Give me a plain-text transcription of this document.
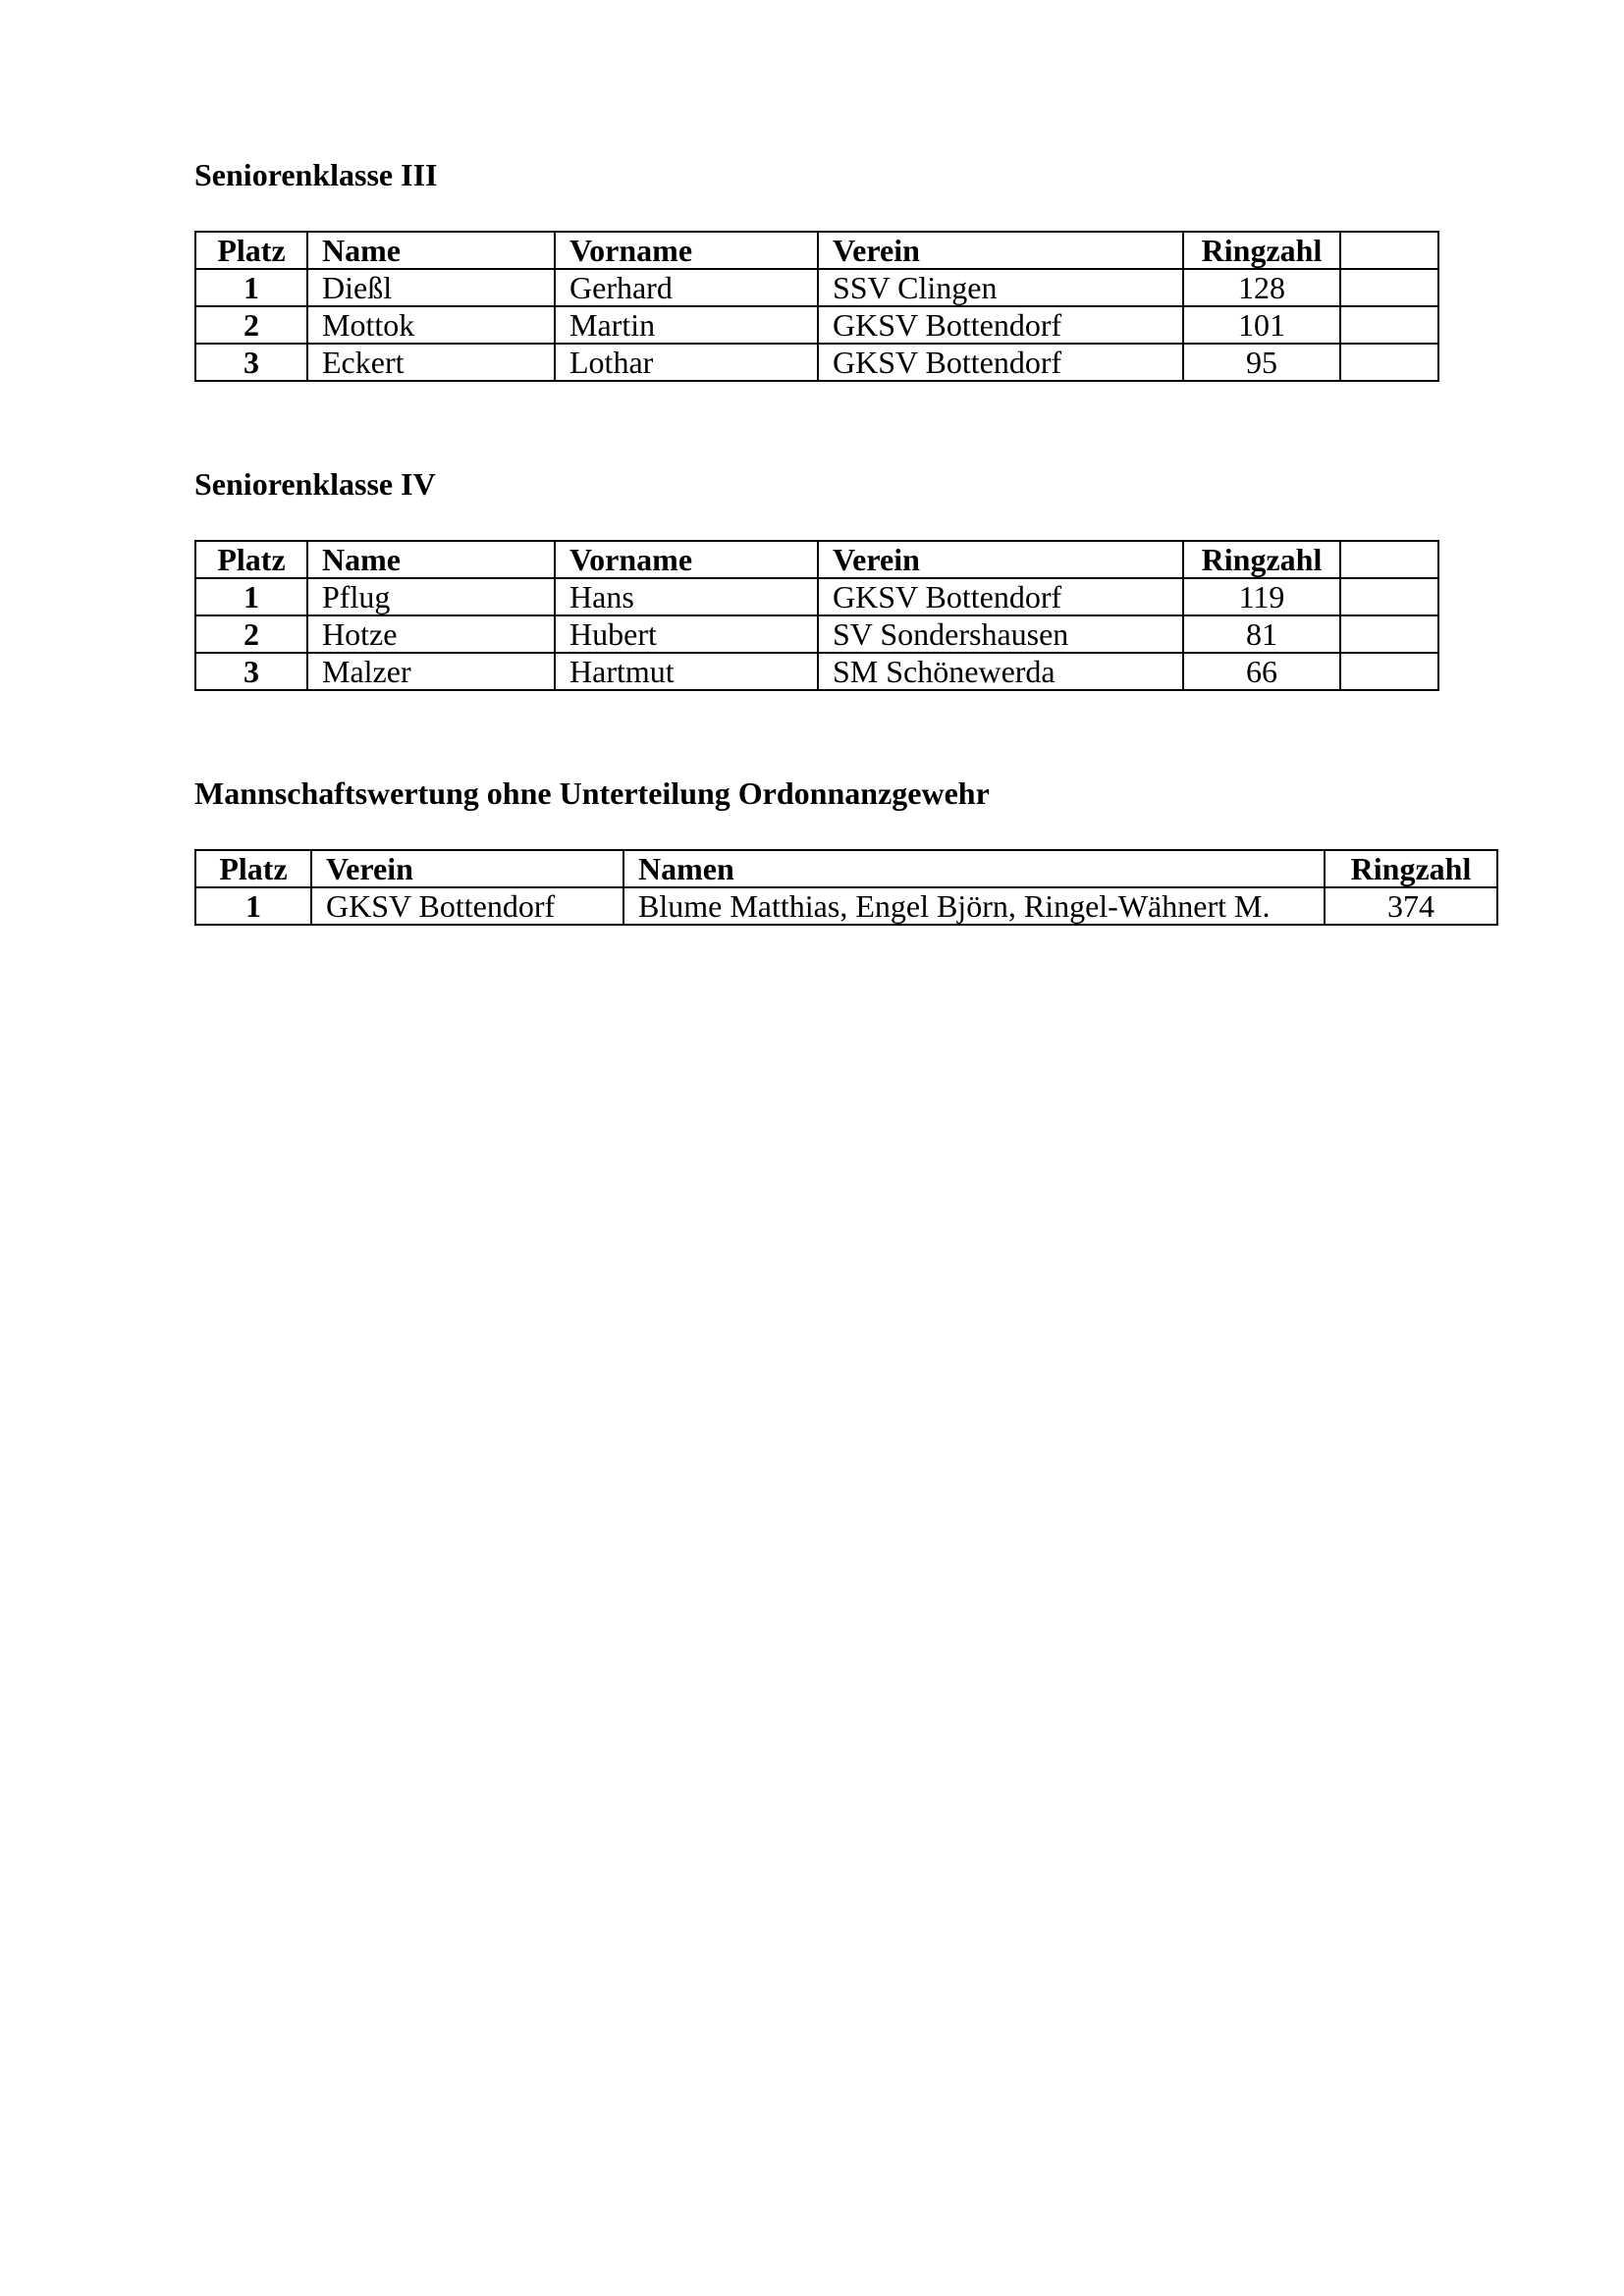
Seniorenklasse III
Platz	Name	Vorname	Verein	Ringzahl	
1	Dießl	Gerhard	SSV Clingen	128	
2	Mottok	Martin	GKSV Bottendorf	101	
3	Eckert	Lothar	GKSV Bottendorf	95	
Seniorenklasse IV
Platz	Name	Vorname	Verein	Ringzahl	
1	Pflug	Hans	GKSV Bottendorf	119	
2	Hotze	Hubert	SV Sondershausen	81	
3	Malzer	Hartmut	SM Schönewerda	66	
Mannschaftswertung ohne Unterteilung Ordonnanzgewehr
Platz	Verein	Namen	Ringzahl
1	GKSV Bottendorf	Blume Matthias, Engel Björn, Ringel-Wähnert M.	374
